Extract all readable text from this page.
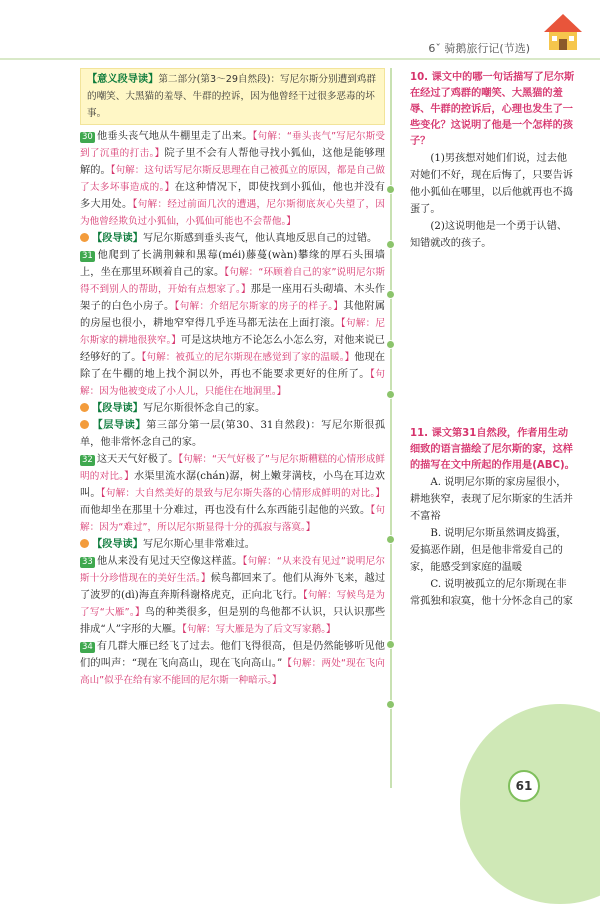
6ˇ 骑鹅旅行记(节选)
【意义段导读】第二部分(第3～29自然段)：写尼尔斯分别遭到鸡群的嘲笑、大黑猫的羞辱、牛群的控诉，因为他曾经干过很多恶毒的坏事。

30 他垂头丧气地从牛棚里走了出来。【句解：“垂头丧气”写尼尔斯受到了沉重的打击。】院子里不会有人帮他寻找小狐仙，这他是能够理解的。【句解：这句话写尼尔斯反思理在自己被孤立的原因，都是自己做了太多坏事造成的。】在这种情况下，即使找到小狐仙，他也并没有多大用处。【句解：经过前面几次的遭遇，尼尔斯彻底灰心失望了，因为他曾经欺负过小狐仙，小狐仙可能也不会帮他。】

【段导读】写尼尔斯感到垂头丧气，他认真地反思自己的过错。

31 他爬到了长满荆棘和黑莓(méi)藤蔓(wàn)攀缘的厚石头围墙上，坐在那里环顾着自己的家。【句解：“环顾着自己的家”说明尼尔斯得不到别人的帮助，开始有点想家了。】那是一座用石头砌墙、木头作架子的白色小房子。【句解：介绍尼尔斯家的房子的样子。】其他附属的房屋也很小，耕地窄窄得几乎连马都无法在上面打滚。【句解：尼尔斯家的耕地很狭窄。】可是这块地方不论怎么小怎么穷，对他来说已经够好的了。【句解：被孤立的尼尔斯现在感觉到了家的温暖。】他现在除了在牛棚的地上找个洞以外，再也不能要求更好的住所了。【句解：因为他被变成了小人儿，只能住在地洞里。】

【段导读】写尼尔斯很怀念自己的家。

【层导读】第三部分第一层(第30、31自然段)：写尼尔斯很孤单，他非常怀念自己的家。

32 这天天气好极了。【句解：“天气好极了”与尼尔斯糟糕的心情形成鲜明的对比。】水渠里流水潺(chán)潺，树上嫩芽满枝，小鸟在耳边欢叫。【句解：大自然美好的景致与尼尔斯失落的心情形成鲜明的对比。】而他却坐在那里十分难过，再也没有什么东西能引起他的兴致。【句解：因为“难过”，所以尼尔斯显得十分的孤寂与落寞。】

【段导读】写尼尔斯心里非常难过。

33 他从来没有见过天空像这样蓝。【句解：“从来没有见过”说明尼尔斯十分珍惜现在的美好生活。】候鸟都回来了。他们从海外飞来，越过了波罗的(dì)海直奔斯科谢格虎克，正向北飞行。【句解：写候鸟是为了写“大雁”。】鸟的种类很多，但是别的鸟他都不认识，只认识那些排成“人”字形的大雁。【句解：写大雁是为了后文写家鹅。】

34 有几群大雁已经飞了过去。他们飞得很高，但是仍然能够听见他们的叫声：“现在飞向高山，现在飞向高山。”【句解：两处“现在飞向高山”似乎在给有家不能回的尼尔斯一种暗示。】

10. 课文中的哪一句话描写了尼尔斯在经过了鸡群的嘲笑、大黑猫的羞辱、牛群的控诉后，心理也发生了一些变化？这说明了他是一个怎样的孩子？

(1)男孩想对她们们说，过去他对她们不好，现在后悔了，只要告诉他小狐仙在哪里，以后他就再也不捣蛋了。

(2)这说明他是一个勇于认错、知错就改的孩子。

11. 课文第31自然段，作者用生动细致的语言描绘了尼尔斯的家，这样的描写在文中所起的作用是(ABC)。

A. 说明尼尔斯的家房屋很小，耕地狭窄，表现了尼尔斯家的生活并不富裕

B. 说明尼尔斯虽然调皮捣蛋，爱搞恶作剧，但是他非常爱自己的家，能感受到家庭的温暖

C. 说明被孤立的尼尔斯现在非常孤独和寂寞，他十分怀念自己的家

61
